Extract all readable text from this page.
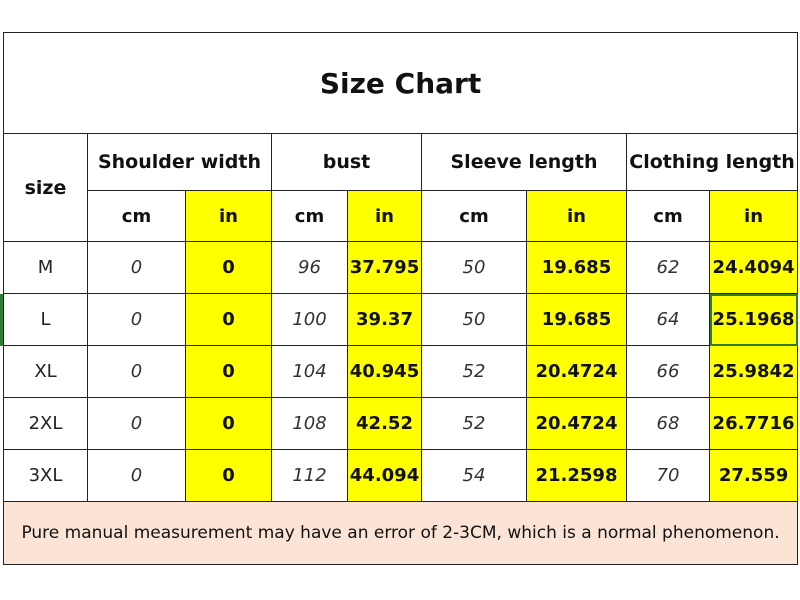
Size Chart								
size	Shoulder width		bust		Sleeve length		Clothing length	
	cm	in	cm	in	cm	in	cm	in
M	0	0	96	37.795	50	19.685	62	24.4094
L	0	0	100	39.37	50	19.685	64	25.1968
XL	0	0	104	40.945	52	20.4724	66	25.9842
2XL	0	0	108	42.52	52	20.4724	68	26.7716
3XL	0	0	112	44.094	54	21.2598	70	27.559
Pure manual measurement may have an error of 2-3CM, which is a normal phenomenon.								
